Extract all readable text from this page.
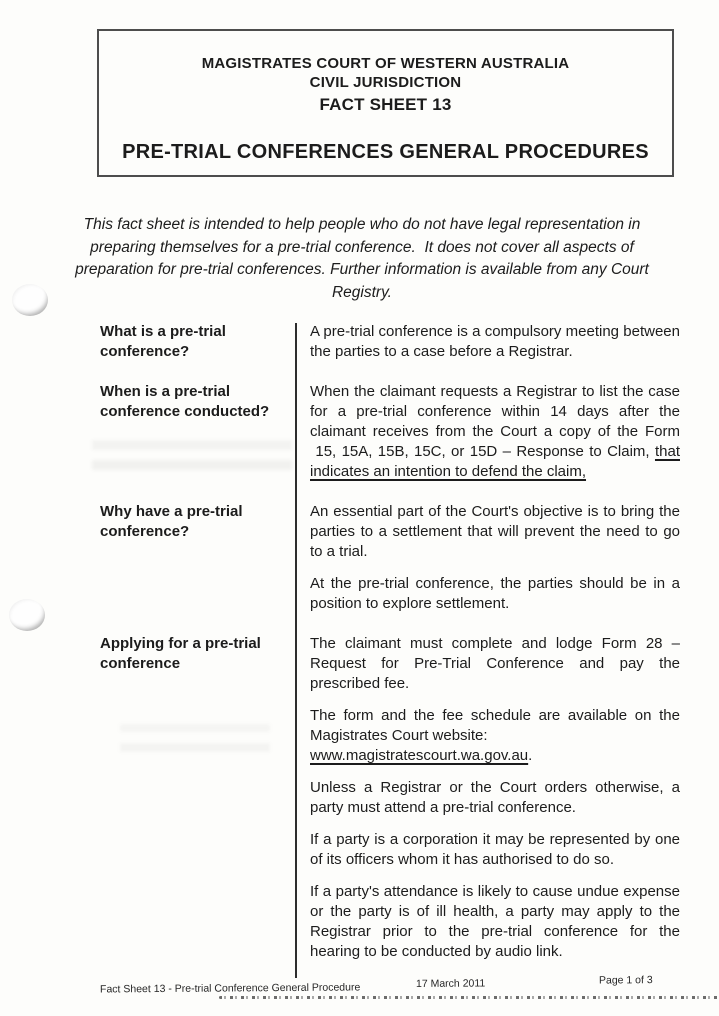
MAGISTRATES COURT OF WESTERN AUSTRALIA
CIVIL JURISDICTION
FACT SHEET 13
PRE-TRIAL CONFERENCES GENERAL PROCEDURES
This fact sheet is intended to help people who do not have legal representation in preparing themselves for a pre-trial conference.  It does not cover all aspects of preparation for pre-trial conferences. Further information is available from any Court Registry.
What is a pre-trial conference?

A pre-trial conference is a compulsory meeting between the parties to a case before a Registrar.

When is a pre-trial conference conducted?

When the claimant requests a Registrar to list the case for a pre-trial conference within 14 days after the claimant receives from the Court a copy of the Form  15, 15A, 15B, 15C, or 15D – Response to Claim, that indicates an intention to defend the claim,

Why have a pre-trial conference?

An essential part of the Court's objective is to bring the parties to a settlement that will prevent the need to go to a trial.

At the pre-trial conference, the parties should be in a position to explore settlement.

Applying for a pre-trial conference

The claimant must complete and lodge Form 28 – Request for Pre-Trial Conference and pay the prescribed fee.

The form and the fee schedule are available on the Magistrates Court website:
www.magistratescourt.wa.gov.au.

Unless a Registrar or the Court orders otherwise, a party must attend a pre-trial conference.

If a party is a corporation it may be represented by one of its officers whom it has authorised to do so.

If a party's attendance is likely to cause undue expense or the party is of ill health, a party may apply to the Registrar prior to the pre-trial conference for the hearing to be conducted by audio link.

Fact Sheet 13 - Pre-trial Conference General Procedure	17 March 2011	Page 1 of 3
